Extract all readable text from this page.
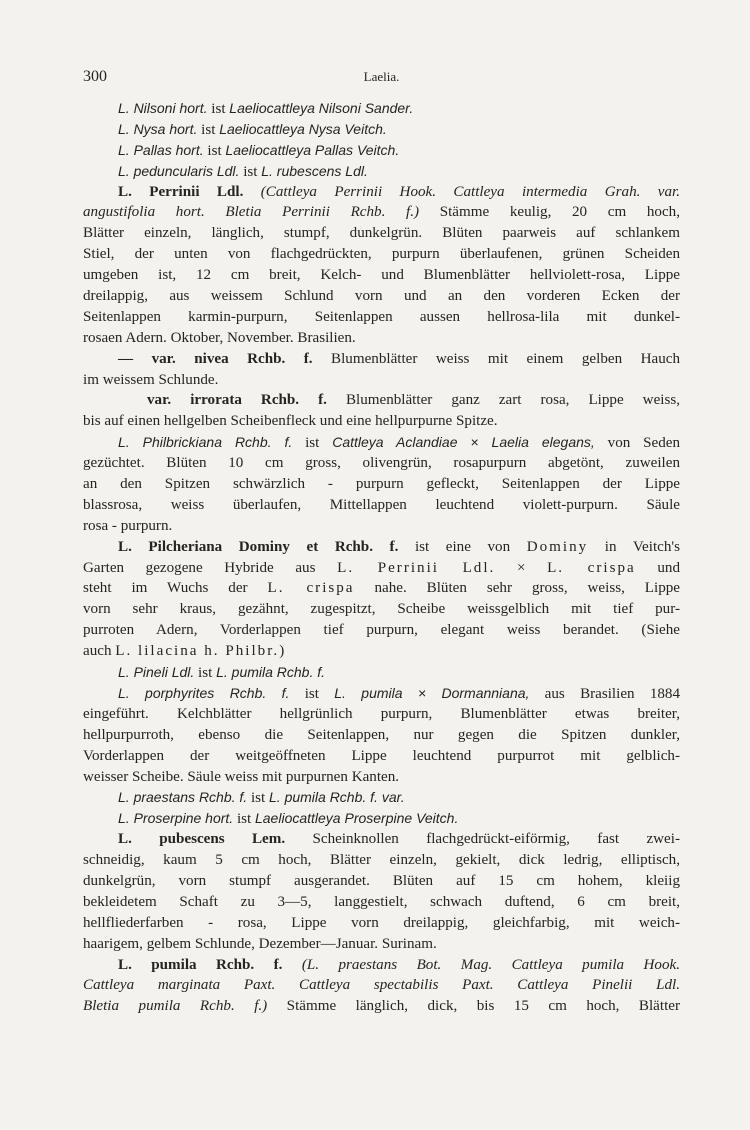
300	Laelia.
L. Nilsoni hort. ist Laeliocattleya Nilsoni Sander.
L. Nysa hort. ist Laeliocattleya Nysa Veitch.
L. Pallas hort. ist Laeliocattleya Pallas Veitch.
L. peduncularis Ldl. ist L. rubescens Ldl.
L. Perrinii Ldl. (Cattleya Perrinii Hook. Cattleya intermedia Grah. var.
angustifolia hort. Bletia Perrinii Rchb. f.) Stämme keulig, 20 cm hoch,
Blätter einzeln, länglich, stumpf, dunkelgrün. Blüten paarweis auf schlankem
Stiel, der unten von flachgedrückten, purpurn überlaufenen, grünen Scheiden
umgeben ist, 12 cm breit, Kelch- und Blumenblätter hellviolett-rosa, Lippe
dreilappig, aus weissem Schlund vorn und an den vorderen Ecken der
Seitenlappen karmin-purpurn, Seitenlappen aussen hellrosa-lila mit dunkel-
rosaen Adern. Oktober, November. Brasilien.
— var. nivea Rchb. f. Blumenblätter weiss mit einem gelben Hauch
im weissem Schlunde.
var. irrorata Rchb. f. Blumenblätter ganz zart rosa, Lippe weiss,
bis auf einen hellgelben Scheibenfleck und eine hellpurpurne Spitze.
L. Philbrickiana Rchb. f. ist Cattleya Aclandiae × Laelia elegans, von Seden
gezüchtet. Blüten 10 cm gross, olivengrün, rosapurpurn abgetönt, zuweilen
an den Spitzen schwärzlich - purpurn gefleckt, Seitenlappen der Lippe
blassrosa, weiss überlaufen, Mittellappen leuchtend violett-purpurn. Säule
rosa - purpurn.
L. Pilcheriana Dominy et Rchb. f. ist eine von Dominy in Veitch's
Garten gezogene Hybride aus L. Perrinii Ldl. × L. crispa und
steht im Wuchs der L. crispa nahe. Blüten sehr gross, weiss, Lippe
vorn sehr kraus, gezähnt, zugespitzt, Scheibe weissgelblich mit tief pur-
purroten Adern, Vorderlappen tief purpurn, elegant weiss berandet. (Siehe
auch L. lilacina h. Philbr.)
L. Pineli Ldl. ist L. pumila Rchb. f.
L. porphyrites Rchb. f. ist L. pumila × Dormanniana, aus Brasilien 1884
eingeführt. Kelchblätter hellgrünlich purpurn, Blumenblätter etwas breiter,
hellpurpurroth, ebenso die Seitenlappen, nur gegen die Spitzen dunkler,
Vorderlappen der weitgeöffneten Lippe leuchtend purpurrot mit gelblich-
weisser Scheibe. Säule weiss mit purpurnen Kanten.
L. praestans Rchb. f. ist L. pumila Rchb. f. var.
L. Proserpine hort. ist Laeliocattleya Proserpine Veitch.
L. pubescens Lem. Scheinknollen flachgedrückt-eiförmig, fast zwei-
schneidig, kaum 5 cm hoch, Blätter einzeln, gekielt, dick ledrig, elliptisch,
dunkelgrün, vorn stumpf ausgerandet. Blüten auf 15 cm hohem, kleiig
bekleidetem Schaft zu 3—5, langgestielt, schwach duftend, 6 cm breit,
hellfliederfarben - rosa, Lippe vorn dreilappig, gleichfarbig, mit weich-
haarigem, gelbem Schlunde, Dezember—Januar. Surinam.
L. pumila Rchb. f. (L. praestans Bot. Mag. Cattleya pumila Hook.
Cattleya marginata Paxt. Cattleya spectabilis Paxt. Cattleya Pinelii Ldl.
Bletia pumila Rchb. f.) Stämme länglich, dick, bis 15 cm hoch, Blätter
